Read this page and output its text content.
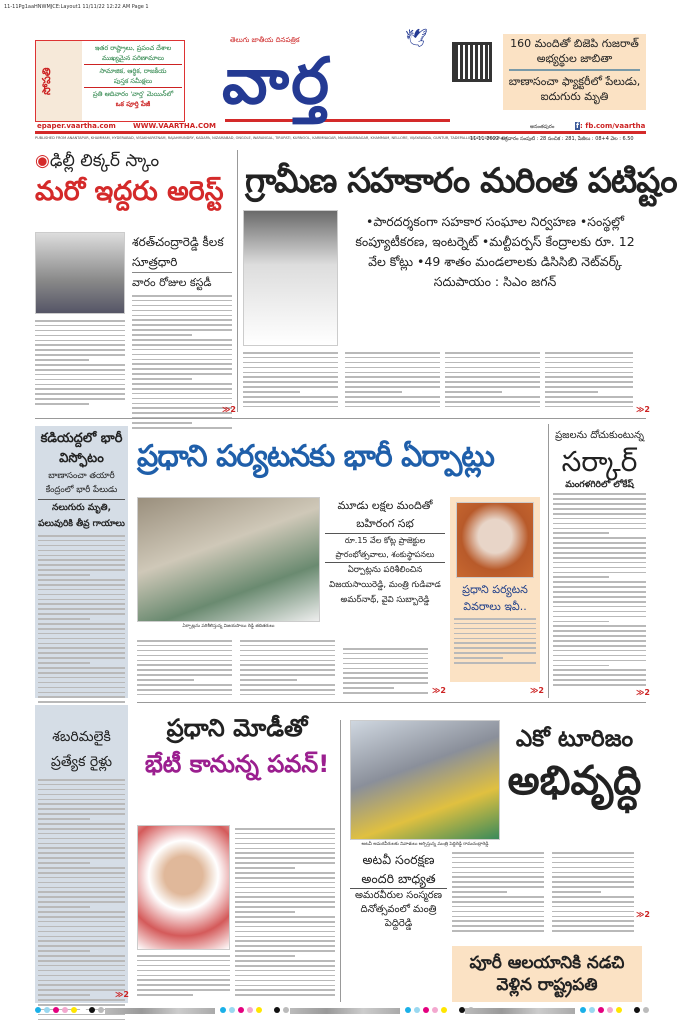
11-11Pg1aaHNWMJCE:Layout1 11/11/22 12:22 AM Page 1
సోపతి
ఇతర రాష్ట్రాలు, ప్రపంచ దేశాల
ముఖ్యమైన పరిణామాలు
సామాజిక, ఆర్థిక, రాజకీయ
పుస్తక సమీక్షలు
ప్రతి ఆదివారం 'వార్త' మెయిన్‌లో
ఒక పూర్తి పేజీ
తెలుగు జాతీయ దినపత్రిక	🕊
వార్త
160 మందితో బిజెపి గుజరాత్ అభ్యర్థుల జాబితా
బాణాసంచా ఫ్యాక్టరీలో పేలుడు, ఐదుగురు మృతి
epaper.vaartha.com WWW.VAARTHA.COM	అనంతపురం	f: fb.com/vaartha
PUBLISHED FROM ANANTAPUR, KHAMMAM, HYDERABAD, VISAKHAPATNAM, RAJAHMUNDRY, KADAPA, NIZAMABAD, ONGOLE, WARANGAL, TIRUPATI, KURNOOL, KARIMNAGAR, MAHABUBNAGAR, KHAMMAM, NELLORE, VIJAYAWADA, GUNTUR, TADEPALLIGUDEM, SRIKAKULAM
11-11-2022 శుక్రవారం సంపుటి : 28 సంచిక : 281, పేజీలు : 08+4 వెల : 6.50
◉ఢిల్లీ లిక్కర్ స్కాం
మరో ఇద్దరు అరెస్ట్
శరత్‌చంద్రారెడ్డి కీలక సూత్రధారి
వారం రోజుల కస్టడీ
≫2
గ్రామీణ సహకారం మరింత పటిష్టం
•పారదర్శకంగా సహకార సంఘాల నిర్వహణ •సంస్థల్లో కంప్యూటీకరణ, ఇంటర్నెట్ •మల్టీపర్పస్ కేంద్రాలకు రూ. 12 వేల కోట్లు •49 శాతం మండలాలకు డిసిసిబి నెట్‌వర్క్ సదుపాయం : సిఎం జగన్
≫2
కడియద్దలో భారీ విస్ఫోటం
బాణాసంచా తయారీ కేంద్రంలో భారీ పేలుడు
నలుగురు మృతి, పలువురికి తీవ్ర గాయాలు
ప్రధాని పర్యటనకు భారీ ఏర్పాట్లు
ఏర్పాట్లను పరిశీలిస్తున్న విజయసాయి రెడ్డి తదితరులు
మూడు లక్షల మందితో బహిరంగ సభ
రూ.15 వేల కోట్ల ప్రాజెక్టుల ప్రారంభోత్సవాలు, శంకుస్థాపనలు
ఏర్పాట్లను పరిశీలించిన విజయసాయిరెడ్డి, మంత్రి గుడివాడ అమర్‌నాథ్, వైవి సుబ్బారెడ్డి
ప్రధాని పర్యటన వివరాలు ఇవీ..
≫2
≫2
ప్రజలను దోచుకుంటున్న
సర్కార్
మంగళగిరిలో లోకేష్
≫2
శబరిమలైకి ప్రత్యేక రైళ్లు
≫2
ప్రధాని మోడీతో
భేటీ కానున్న పవన్!
అటవీ అమరవీరులకు నివాళులు అర్పిస్తున్న మంత్రి పెద్దిరెడ్డి రామచంద్రారెడ్డి
అటవీ సంరక్షణ అందరి బాధ్యత
అమరవీరుల సంస్మరణ దినోత్సవంలో మంత్రి పెద్దిరెడ్డి
≫2
ఎకో టూరిజం
అభివృద్ధి
పూరీ ఆలయానికి నడచి వెళ్లిన రాష్ట్రపతి
